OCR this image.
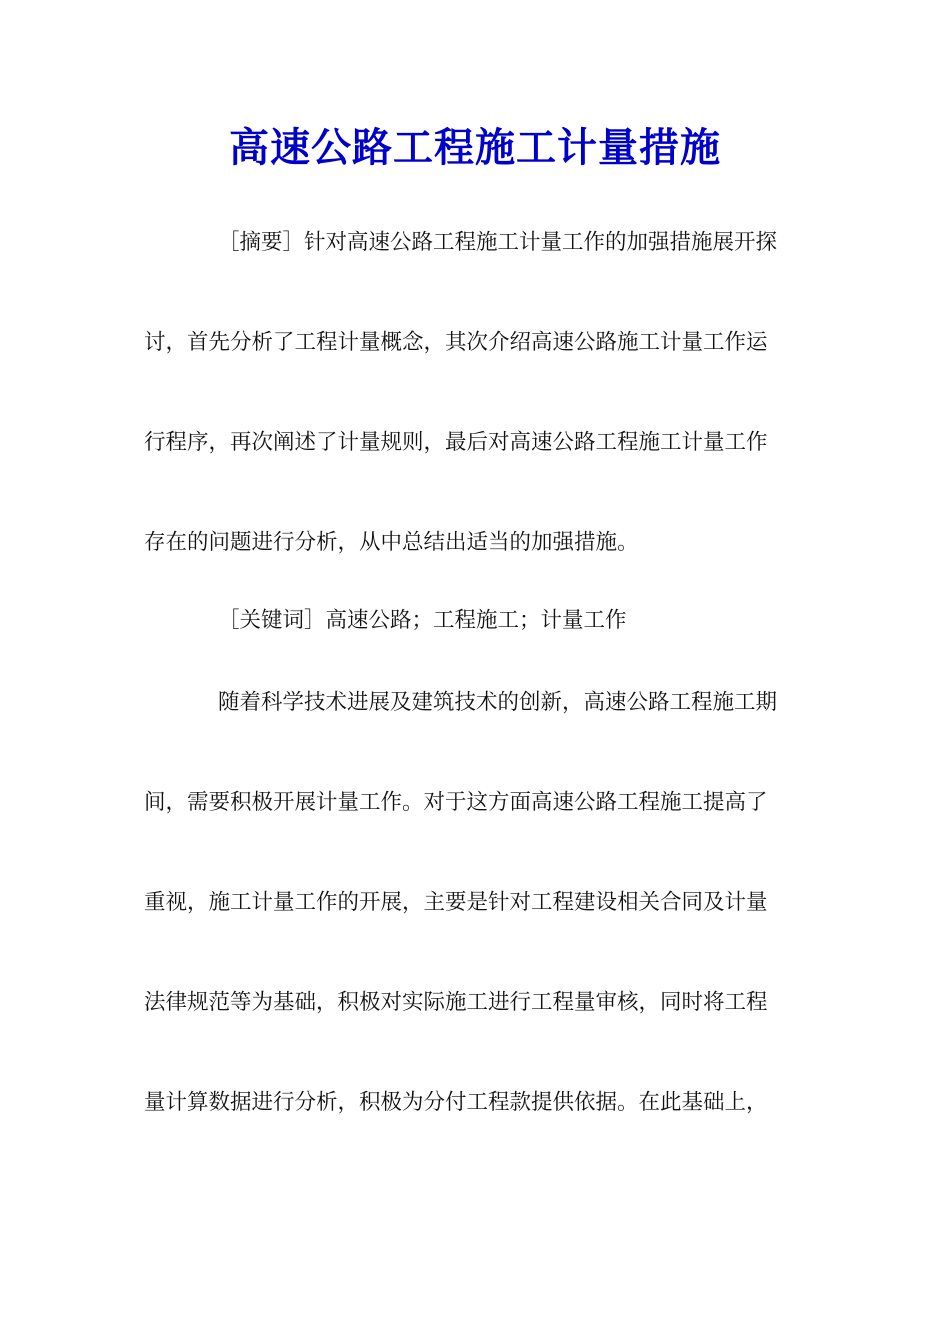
高速公路工程施工计量措施
［摘要］针对高速公路工程施工计量工作的加强措施展开探
讨，首先分析了工程计量概念，其次介绍高速公路施工计量工作运
行程序，再次阐述了计量规则，最后对高速公路工程施工计量工作
存在的问题进行分析，从中总结出适当的加强措施。
［关键词］高速公路；工程施工；计量工作
随着科学技术进展及建筑技术的创新，高速公路工程施工期
间，需要积极开展计量工作。对于这方面高速公路工程施工提高了
重视，施工计量工作的开展，主要是针对工程建设相关合同及计量
法律规范等为基础，积极对实际施工进行工程量审核，同时将工程
量计算数据进行分析，积极为分付工程款提供依据。在此基础上，
